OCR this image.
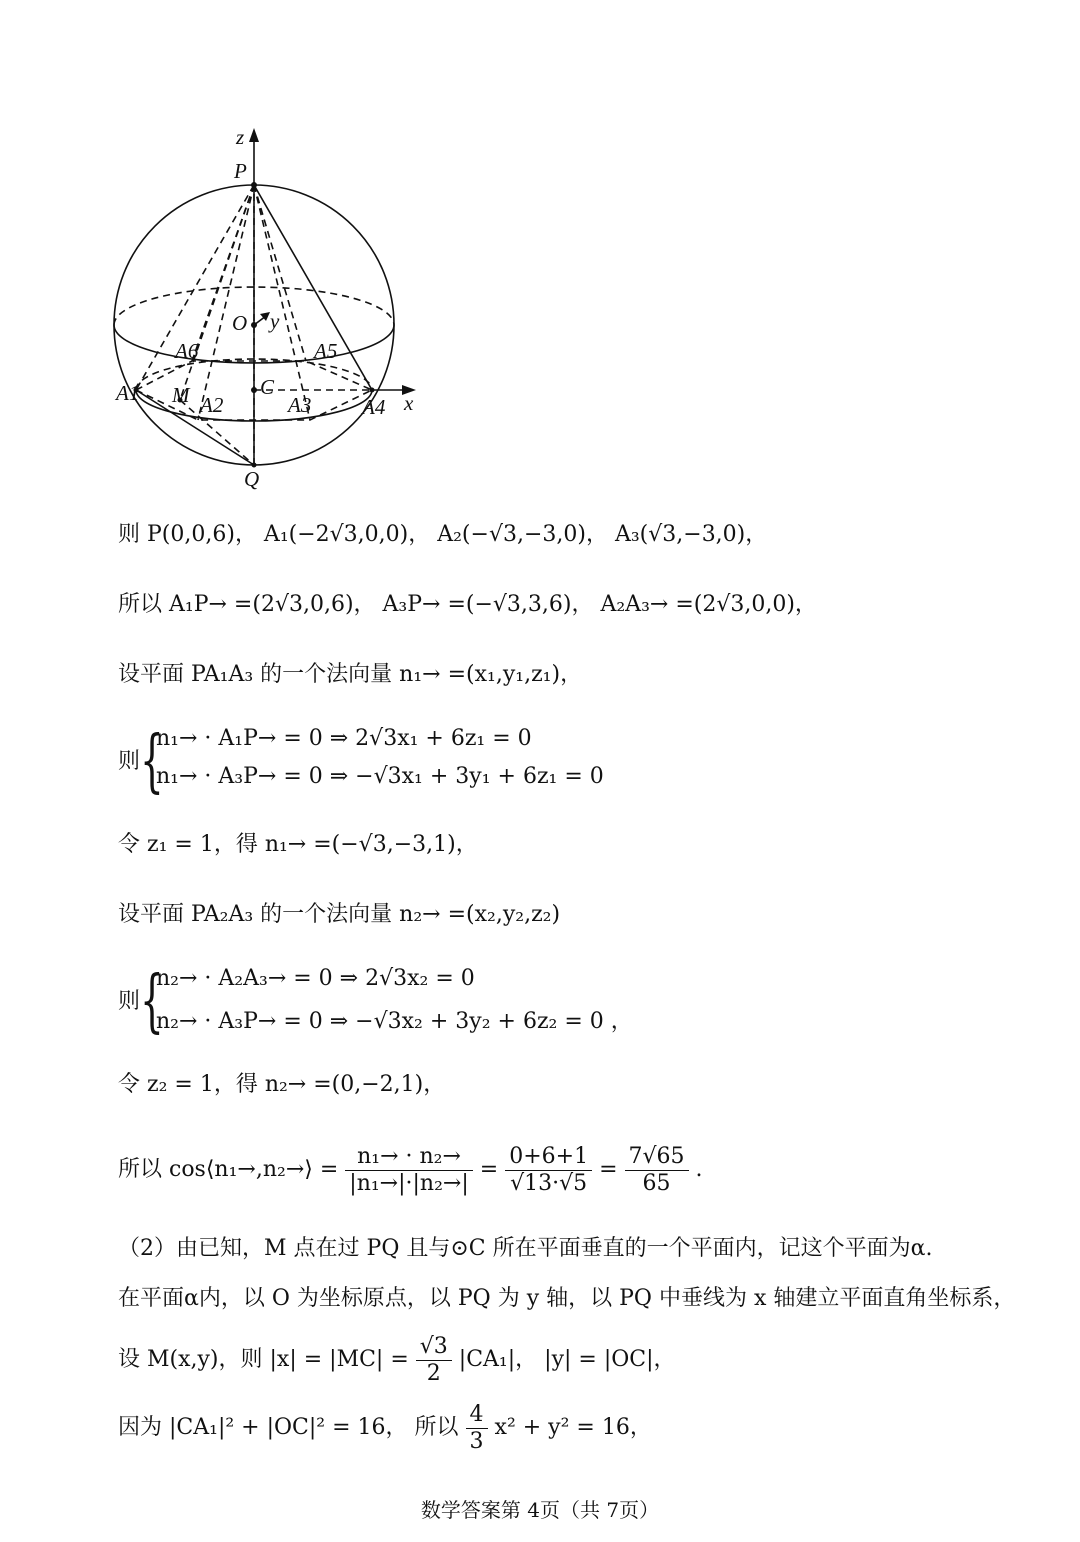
z
P
O y
A6	A5
A1 M	C
A2	A3 A4 x
Q
则 P(0,0,6)， A₁(−2√3,0,0)， A₂(−√3,−3,0)， A₃(√3,−3,0)，
所以 A₁P→ =(2√3,0,6)， A₃P→ =(−√3,3,6)， A₂A₃→ =(2√3,0,0)，
设平面 PA₁A₃ 的一个法向量 n₁→ =(x₁,y₁,z₁)，
则 {
n₁→ · A₁P→ = 0 ⇒ 2√3x₁ + 6z₁ = 0
n₁→ · A₃P→ = 0 ⇒ −√3x₁ + 3y₁ + 6z₁ = 0
令 z₁ = 1，得 n₁→ =(−√3,−3,1)，
设平面 PA₂A₃ 的一个法向量 n₂→ =(x₂,y₂,z₂)
则 {
n₂→ · A₂A₃→ = 0 ⇒ 2√3x₂ = 0
n₂→ · A₃P→ = 0 ⇒ −√3x₂ + 3y₂ + 6z₂ = 0 ，
令 z₂ = 1，得 n₂→ =(0,−2,1)，
所以 cos⟨n₁→,n₂→⟩ = $\frac{\text{n₁→ · n₂→}}{\text{|n₁→|·|n₂→|}} = \frac{0+6+1}{√13\cdot√5} = \frac{7√65}{65}$ .
（2）由已知，M 点在过 PQ 且与⊙C 所在平面垂直的一个平面内，记这个平面为α.
在平面α内，以 O 为坐标原点，以 PQ 为 y 轴，以 PQ 中垂线为 x 轴建立平面直角坐标系，
设 M(x,y)，则 $|x| = |MC| = \frac{√3}{2} |CA_1|$， |y| = |OC|，
因为 |CA₁|² + |OC|² = 16， 所以 $\frac{4}{3} x^2 + y^2 = 16$，
数学答案第 4页（共 7页）
